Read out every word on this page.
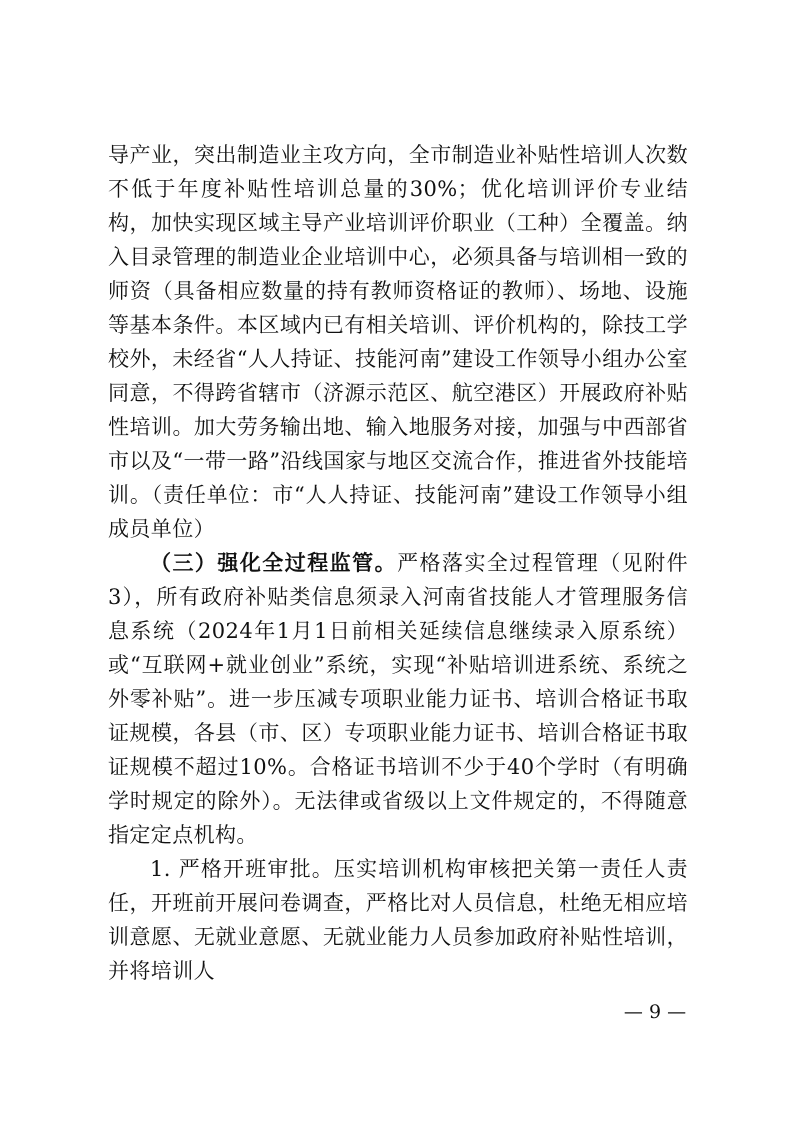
导产业，突出制造业主攻方向，全市制造业补贴性培训人次数不低于年度补贴性培训总量的30%；优化培训评价专业结构，加快实现区域主导产业培训评价职业（工种）全覆盖。纳入目录管理的制造业企业培训中心，必须具备与培训相一致的师资（具备相应数量的持有教师资格证的教师）、场地、设施等基本条件。本区域内已有相关培训、评价机构的，除技工学校外，未经省“人人持证、技能河南”建设工作领导小组办公室同意，不得跨省辖市（济源示范区、航空港区）开展政府补贴性培训。加大劳务输出地、输入地服务对接，加强与中西部省市以及“一带一路”沿线国家与地区交流合作，推进省外技能培训。（责任单位：市“人人持证、技能河南”建设工作领导小组成员单位）

（三）强化全过程监管。严格落实全过程管理（见附件3），所有政府补贴类信息须录入河南省技能人才管理服务信息系统（2024年1月1日前相关延续信息继续录入原系统）或“互联网+就业创业”系统，实现“补贴培训进系统、系统之外零补贴”。进一步压减专项职业能力证书、培训合格证书取证规模，各县（市、区）专项职业能力证书、培训合格证书取证规模不超过10%。合格证书培训不少于40个学时（有明确学时规定的除外）。无法律或省级以上文件规定的，不得随意指定定点机构。

1. 严格开班审批。压实培训机构审核把关第一责任人责任，开班前开展问卷调查，严格比对人员信息，杜绝无相应培训意愿、无就业意愿、无就业能力人员参加政府补贴性培训，并将培训人

— 9 —
